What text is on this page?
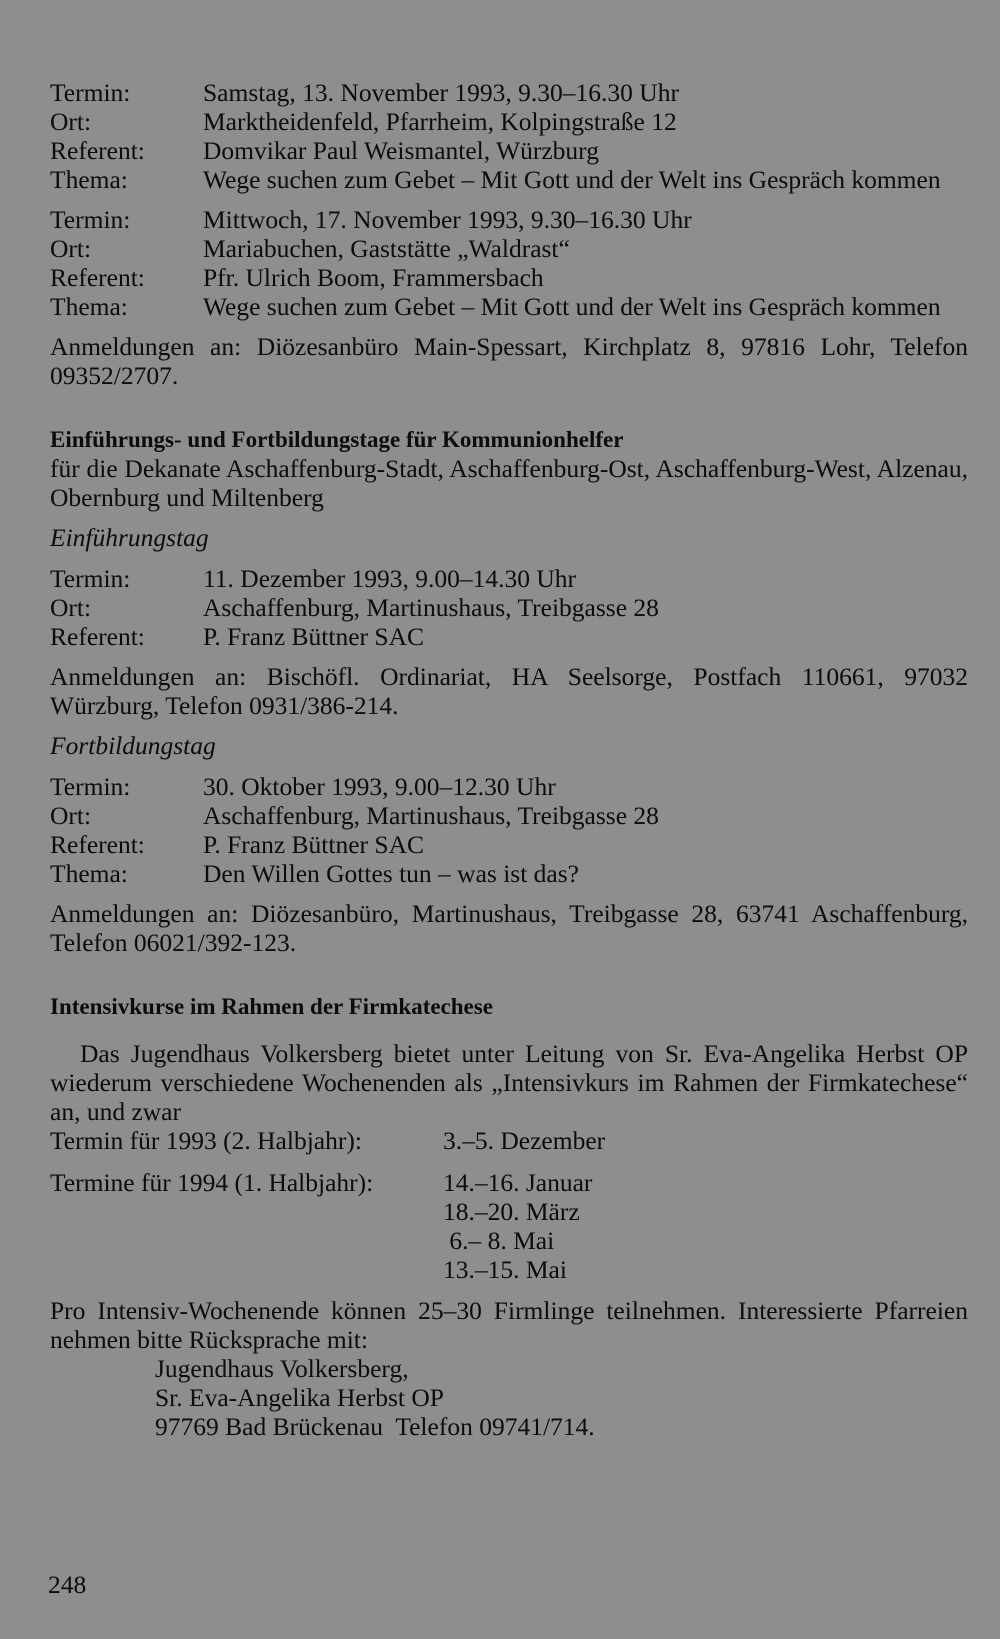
Termin:	Samstag, 13. November 1993, 9.30–16.30 Uhr
Ort:	Marktheidenfeld, Pfarrheim, Kolpingstraße 12
Referent:	Domvikar Paul Weismantel, Würzburg
Thema:	Wege suchen zum Gebet – Mit Gott und der Welt ins Gespräch kommen
Termin:	Mittwoch, 17. November 1993, 9.30–16.30 Uhr
Ort:	Mariabuchen, Gaststätte „Waldrast“
Referent:	Pfr. Ulrich Boom, Frammersbach
Thema:	Wege suchen zum Gebet – Mit Gott und der Welt ins Gespräch kommen
Anmeldungen an: Diözesanbüro Main-Spessart, Kirchplatz 8, 97816 Lohr, Telefon 09352/2707.
Einführungs- und Fortbildungstage für Kommunionhelfer
für die Dekanate Aschaffenburg-Stadt, Aschaffenburg-Ost, Aschaffenburg-West, Alzenau, Obernburg und Miltenberg
Einführungstag
Termin:	11. Dezember 1993, 9.00–14.30 Uhr
Ort:	Aschaffenburg, Martinushaus, Treibgasse 28
Referent:	P. Franz Büttner SAC
Anmeldungen an: Bischöfl. Ordinariat, HA Seelsorge, Postfach 110661, 97032 Würzburg, Telefon 0931/386-214.
Fortbildungstag
Termin:	30. Oktober 1993, 9.00–12.30 Uhr
Ort:	Aschaffenburg, Martinushaus, Treibgasse 28
Referent:	P. Franz Büttner SAC
Thema:	Den Willen Gottes tun – was ist das?
Anmeldungen an: Diözesanbüro, Martinushaus, Treibgasse 28, 63741 Aschaffenburg, Telefon 06021/392-123.
Intensivkurse im Rahmen der Firmkatechese
Das Jugendhaus Volkersberg bietet unter Leitung von Sr. Eva-Angelika Herbst OP wiederum verschiedene Wochenenden als „Intensivkurs im Rahmen der Firmkatechese“ an, und zwar
Termin für 1993 (2. Halbjahr):	3.–5. Dezember
Termine für 1994 (1. Halbjahr):	14.–16. Januar
18.–20. März
6.– 8. Mai
13.–15. Mai
Pro Intensiv-Wochenende können 25–30 Firmlinge teilnehmen. Interessierte Pfarreien nehmen bitte Rücksprache mit:
Jugendhaus Volkersberg,
Sr. Eva-Angelika Herbst OP
97769 Bad Brückenau  Telefon 09741/714.
248
